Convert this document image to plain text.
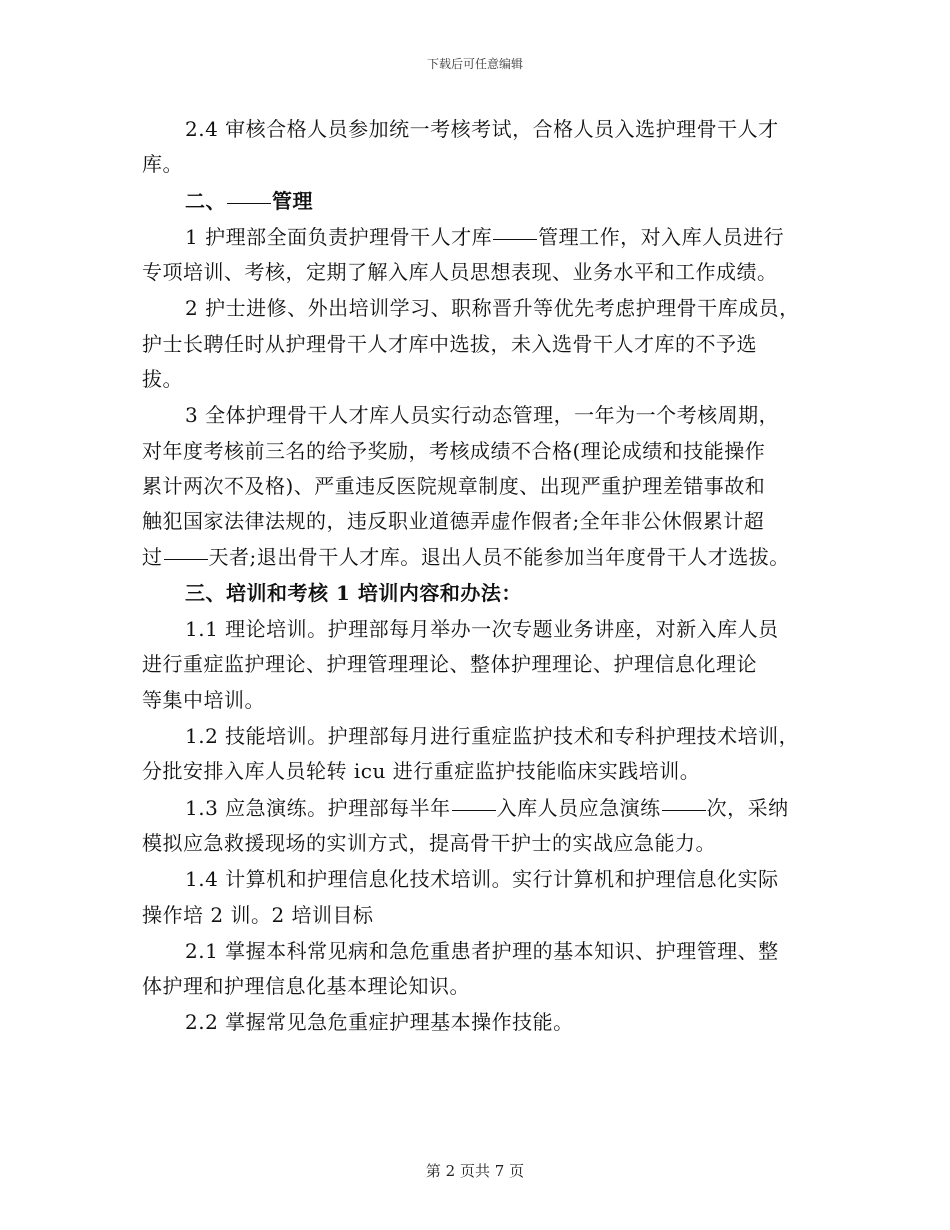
下载后可任意编辑
2.4 审核合格人员参加统一考核考试，合格人员入选护理骨干人才
库。
二、 管理
1 护理部全面负责护理骨干人才库 管理工作，对入库人员进行
专项培训、考核，定期了解入库人员思想表现、业务水平和工作成绩。
2 护士进修、外出培训学习、职称晋升等优先考虑护理骨干库成员，
护士长聘任时从护理骨干人才库中选拔，未入选骨干人才库的不予选
拔。
3 全体护理骨干人才库人员实行动态管理，一年为一个考核周期，
对年度考核前三名的给予奖励，考核成绩不合格(理论成绩和技能操作
累计两次不及格)、严重违反医院规章制度、出现严重护理差错事故和
触犯国家法律法规的，违反职业道德弄虚作假者;全年非公休假累计超
过 天者;退出骨干人才库。退出人员不能参加当年度骨干人才选拔。
三、培训和考核 1 培训内容和办法：
1.1 理论培训。护理部每月举办一次专题业务讲座，对新入库人员
进行重症监护理论、护理管理理论、整体护理理论、护理信息化理论
等集中培训。
1.2 技能培训。护理部每月进行重症监护技术和专科护理技术培训，
分批安排入库人员轮转 icu 进行重症监护技能临床实践培训。
1.3 应急演练。护理部每半年 入库人员应急演练 次，采纳
模拟应急救援现场的实训方式，提高骨干护士的实战应急能力。
1.4 计算机和护理信息化技术培训。实行计算机和护理信息化实际
操作培 2 训。2 培训目标
2.1 掌握本科常见病和急危重患者护理的基本知识、护理管理、整
体护理和护理信息化基本理论知识。
2.2 掌握常见急危重症护理基本操作技能。
第 2 页共 7 页
